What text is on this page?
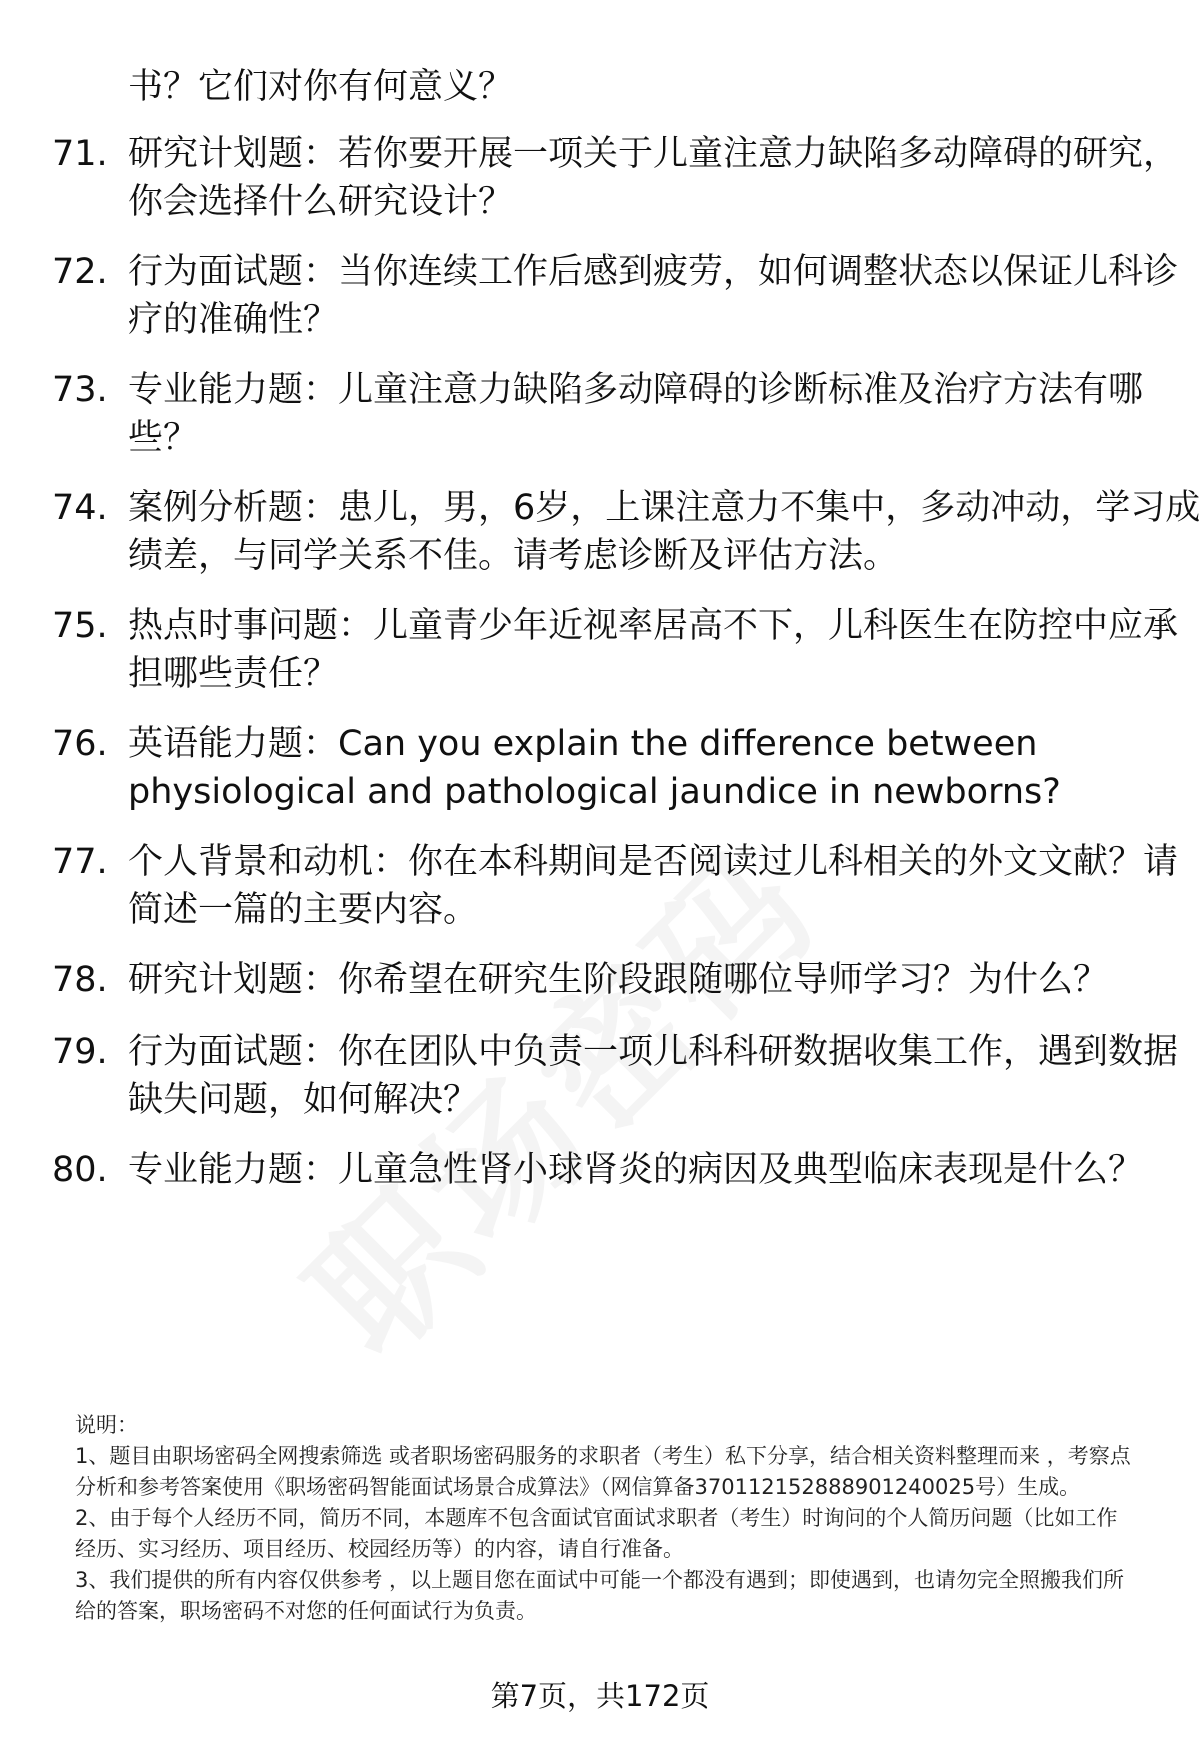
书？它们对你有何意义？
71. 研究计划题：若你要开展一项关于儿童注意力缺陷多动障碍的研究，你会选择什么研究设计？
72. 行为面试题：当你连续工作后感到疲劳，如何调整状态以保证儿科诊疗的准确性？
73. 专业能力题：儿童注意力缺陷多动障碍的诊断标准及治疗方法有哪些？
74. 案例分析题：患儿，男，6岁，上课注意力不集中，多动冲动，学习成绩差，与同学关系不佳。请考虑诊断及评估方法。
75. 热点时事问题：儿童青少年近视率居高不下，儿科医生在防控中应承担哪些责任？
76. 英语能力题：Can you explain the difference between physiological and pathological jaundice in newborns?
77. 个人背景和动机：你在本科期间是否阅读过儿科相关的外文文献？请简述一篇的主要内容。
78. 研究计划题：你希望在研究生阶段跟随哪位导师学习？为什么？
79. 行为面试题：你在团队中负责一项儿科科研数据收集工作，遇到数据缺失问题，如何解决？
80. 专业能力题：儿童急性肾小球肾炎的病因及典型临床表现是什么？

说明：

1、题目由职场密码全网搜索筛选 或者职场密码服务的求职者（考生）私下分享，结合相关资料整理而来 ，考察点分析和参考答案使用《职场密码智能面试场景合成算法》（网信算备370112152888901240025号）生成。

2、由于每个人经历不同，简历不同，本题库不包含面试官面试求职者（考生）时询问的个人简历问题（比如工作经历、实习经历、项目经历、校园经历等）的内容，请自行准备。

3、我们提供的所有内容仅供参考 ，以上题目您在面试中可能一个都没有遇到；即使遇到，也请勿完全照搬我们所给的答案，职场密码不对您的任何面试行为负责。

第7页，共172页
